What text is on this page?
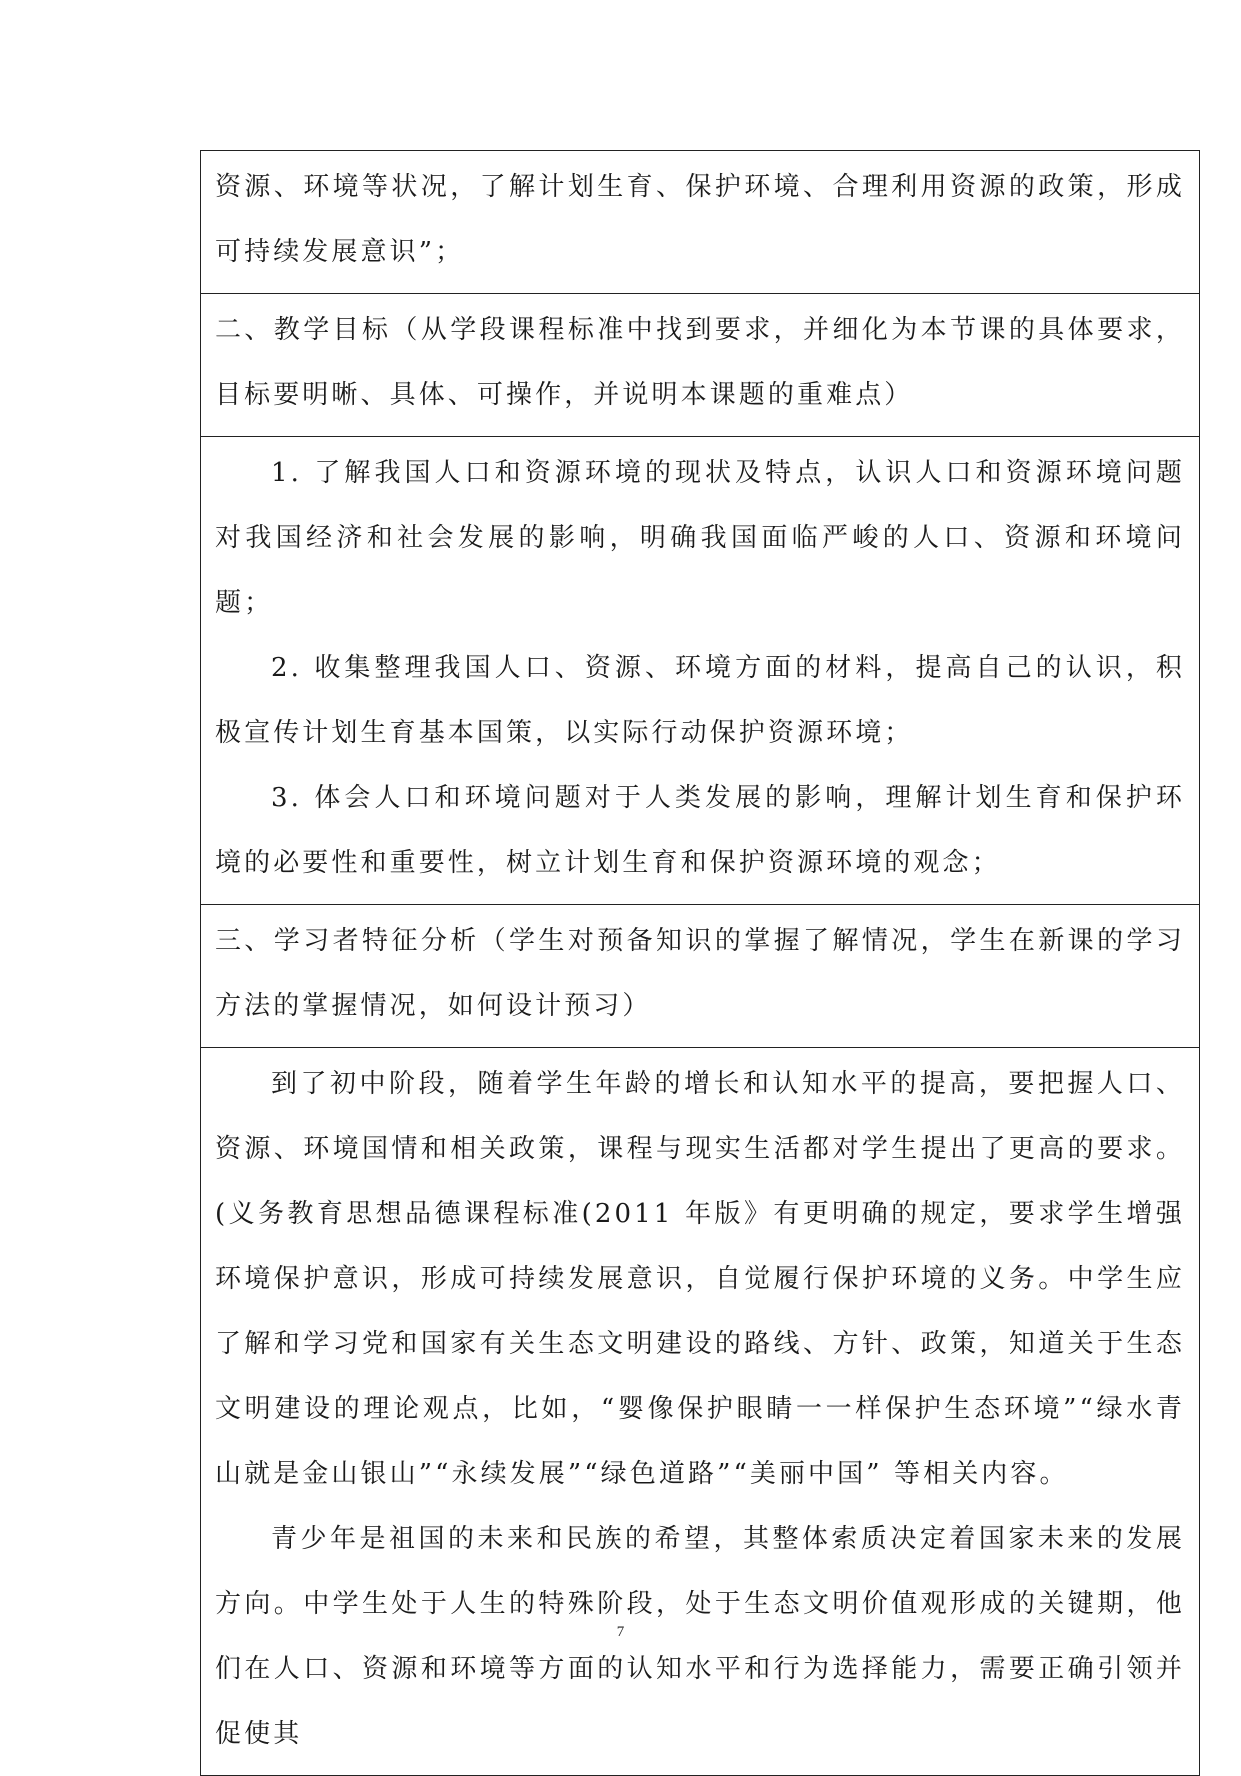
资源、环境等状况，了解计划生育、保护环境、合理利用资源的政策，形成可持续发展意识”；

二、教学目标（从学段课程标准中找到要求，并细化为本节课的具体要求，目标要明晰、具体、可操作，并说明本课题的重难点）

1. 了解我国人口和资源环境的现状及特点，认识人口和资源环境问题对我国经济和社会发展的影响，明确我国面临严峻的人口、资源和环境问题；

2. 收集整理我国人口、资源、环境方面的材料，提高自己的认识，积极宣传计划生育基本国策，以实际行动保护资源环境；

3. 体会人口和环境问题对于人类发展的影响，理解计划生育和保护环境的必要性和重要性，树立计划生育和保护资源环境的观念；

三、学习者特征分析（学生对预备知识的掌握了解情况，学生在新课的学习方法的掌握情况，如何设计预习）

到了初中阶段，随着学生年龄的增长和认知水平的提高，要把握人口、资源、环境国情和相关政策，课程与现实生活都对学生提出了更高的要求。(义务教育思想品德课程标准(2011 年版》有更明确的规定，要求学生增强环境保护意识，形成可持续发展意识，自觉履行保护环境的义务。中学生应了解和学习党和国家有关生态文明建设的路线、方针、政策，知道关于生态文明建设的理论观点，比如，“婴像保护眼睛一一样保护生态环境”“绿水青山就是金山银山”“永续发展”“绿色道路”“美丽中国” 等相关内容。

青少年是祖国的未来和民族的希望，其整体索质决定着国家未来的发展方向。中学生处于人生的特殊阶段，处于生态文明价值观形成的关键期，他们在人口、资源和环境等方面的认知水平和行为选择能力，需要正确引领并促使其

7
